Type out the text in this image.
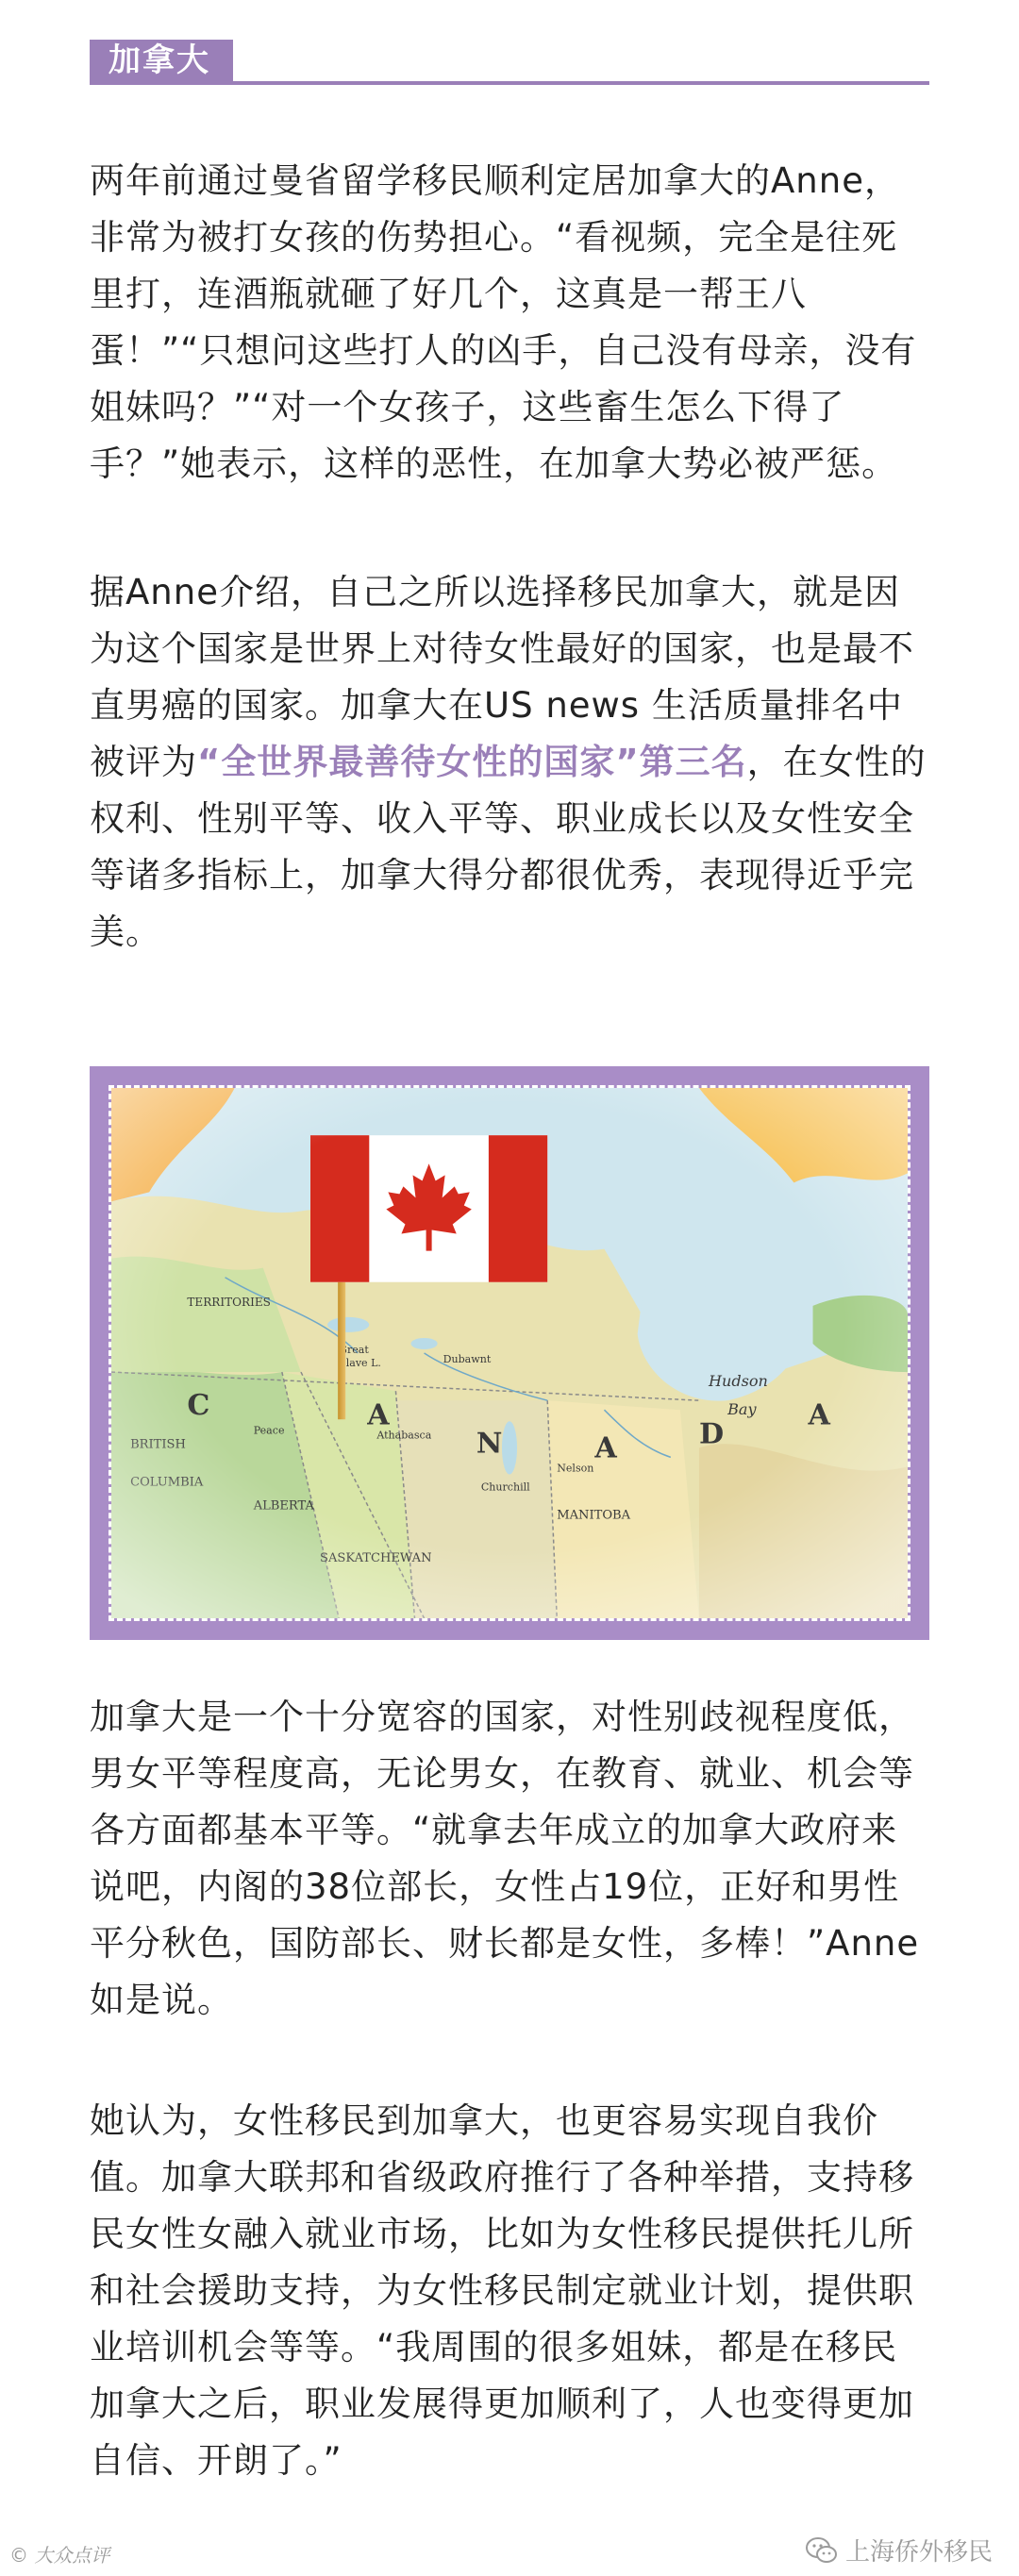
加拿大

两年前通过曼省留学移民顺利定居加拿大的Anne，非常为被打女孩的伤势担心。“看视频，完全是往死里打，连酒瓶就砸了好几个，这真是一帮王八蛋！”“只想问这些打人的凶手，自己没有母亲，没有姐妹吗？”“对一个女孩子，这些畜生怎么下得了手？”她表示，这样的恶性，在加拿大势必被严惩。

据Anne介绍，自己之所以选择移民加拿大，就是因为这个国家是世界上对待女性最好的国家，也是最不直男癌的国家。加拿大在US news 生活质量排名中被评为“全世界最善待女性的国家”第三名，在女性的权利、性别平等、收入平等、职业成长以及女性安全等诸多指标上，加拿大得分都很优秀，表现得近乎完美。

加拿大是一个十分宽容的国家，对性别歧视程度低，男女平等程度高，无论男女，在教育、就业、机会等各方面都基本平等。“就拿去年成立的加拿大政府来说吧，内阁的38位部长，女性占19位，正好和男性平分秋色，国防部长、财长都是女性，多棒！”Anne如是说。

她认为，女性移民到加拿大，也更容易实现自我价值。加拿大联邦和省级政府推行了各种举措，支持移民女性女融入就业市场，比如为女性移民提供托儿所和社会援助支持，为女性移民制定就业计划，提供职业培训机会等等。“我周围的很多姐妹，都是在移民加拿大之后，职业发展得更加顺利了，人也变得更加自信、开朗了。”

© 大众点评	上海侨外移民
